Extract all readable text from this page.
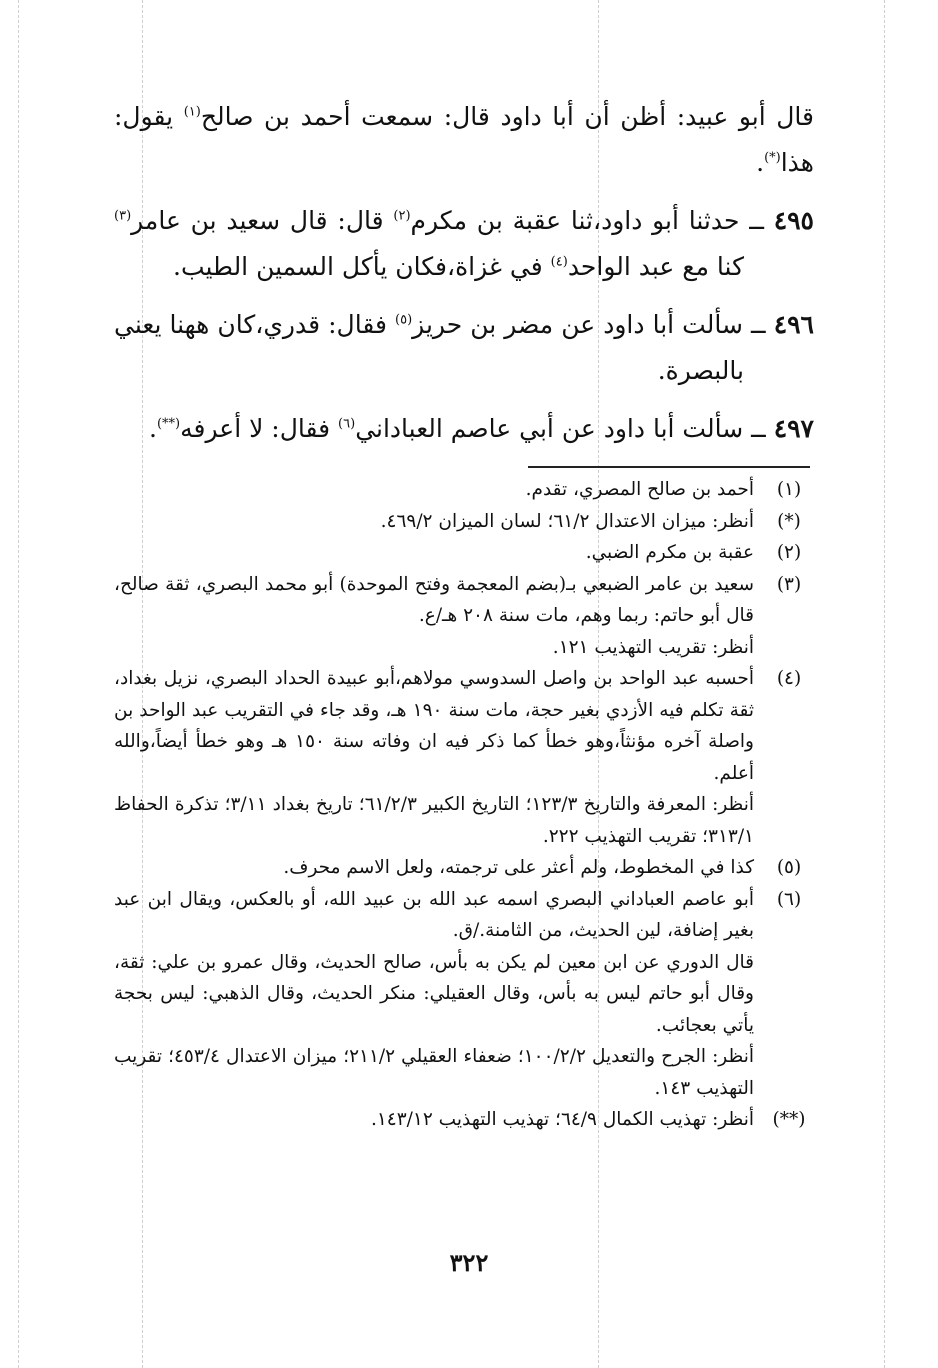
قال أبو عبيد: أظن أن أبا داود قال: سمعت أحمد بن صالح$^{(١)}$ يقول: هذا(*).

٤٩٥ ــ حدثنا أبو داود،ثنا عقبة بن مكرم$^{(٢)}$ قال: قال سعيد بن عامر$^{(٣)}$ كنا مع عبد الواحد$^{(٤)}$ في غزاة،فكان يأكل السمين الطيب.

٤٩٦ ــ سألت أبا داود عن مضر بن حريز$^{(٥)}$ فقال: قدري،كان ههنا يعني بالبصرة.

٤٩٧ ــ سألت أبا داود عن أبي عاصم العباداني$^{(٦)}$ فقال: لا أعرفه(**).

(١)
أحمد بن صالح المصري، تقدم.

(*)
أنظر: ميزان الاعتدال ٦١/٢؛ لسان الميزان ٤٦٩/٢.

(٢)
عقبة بن مكرم الضبي.

(٣)
سعيد بن عامر الضبعي بـ(بضم المعجمة وفتح الموحدة) أبو محمد البصري، ثقة صالح، قال أبو حاتم: ربما وهم، مات سنة ٢٠٨ هـ/ع.

أنظر: تقريب التهذيب ١٢١.

(٤)
أحسبه عبد الواحد بن واصل السدوسي مولاهم،أبو عبيدة الحداد البصري، نزيل بغداد، ثقة تكلم فيه الأزدي بغير حجة، مات سنة ١٩٠ هـ، وقد جاء في التقريب عبد الواحد بن واصلة آخره مؤنثاً،وهو خطأ كما ذكر فيه ان وفاته سنة ١٥٠ هـ وهو خطأ أيضاً،والله أعلم.

أنظر: المعرفة والتاريخ ١٢٣/٣؛ التاريخ الكبير ٦١/٢/٣؛ تاريخ بغداد ٣/١١؛ تذكرة الحفاظ ٣١٣/١؛ تقريب التهذيب ٢٢٢.

(٥)
كذا في المخطوط، ولم أعثر على ترجمته، ولعل الاسم محرف.

(٦)
أبو عاصم العباداني البصري اسمه عبد الله بن عبيد الله، أو بالعكس، ويقال ابن عبد بغير إضافة، لين الحديث، من الثامنة./ق.

قال الدوري عن ابن معين لم يكن به بأس، صالح الحديث، وقال عمرو بن علي: ثقة، وقال أبو حاتم ليس به بأس، وقال العقيلي: منكر الحديث، وقال الذهبي: ليس بحجة يأتي بعجائب.

أنظر: الجرح والتعديل ١٠٠/٢/٢؛ ضعفاء العقيلي ٢١١/٢؛ ميزان الاعتدال ٤٥٣/٤؛ تقريب التهذيب ١٤٣.

(**)
أنظر: تهذيب الكمال ٦٤/٩؛ تهذيب التهذيب ١٤٣/١٢.

٣٢٢
